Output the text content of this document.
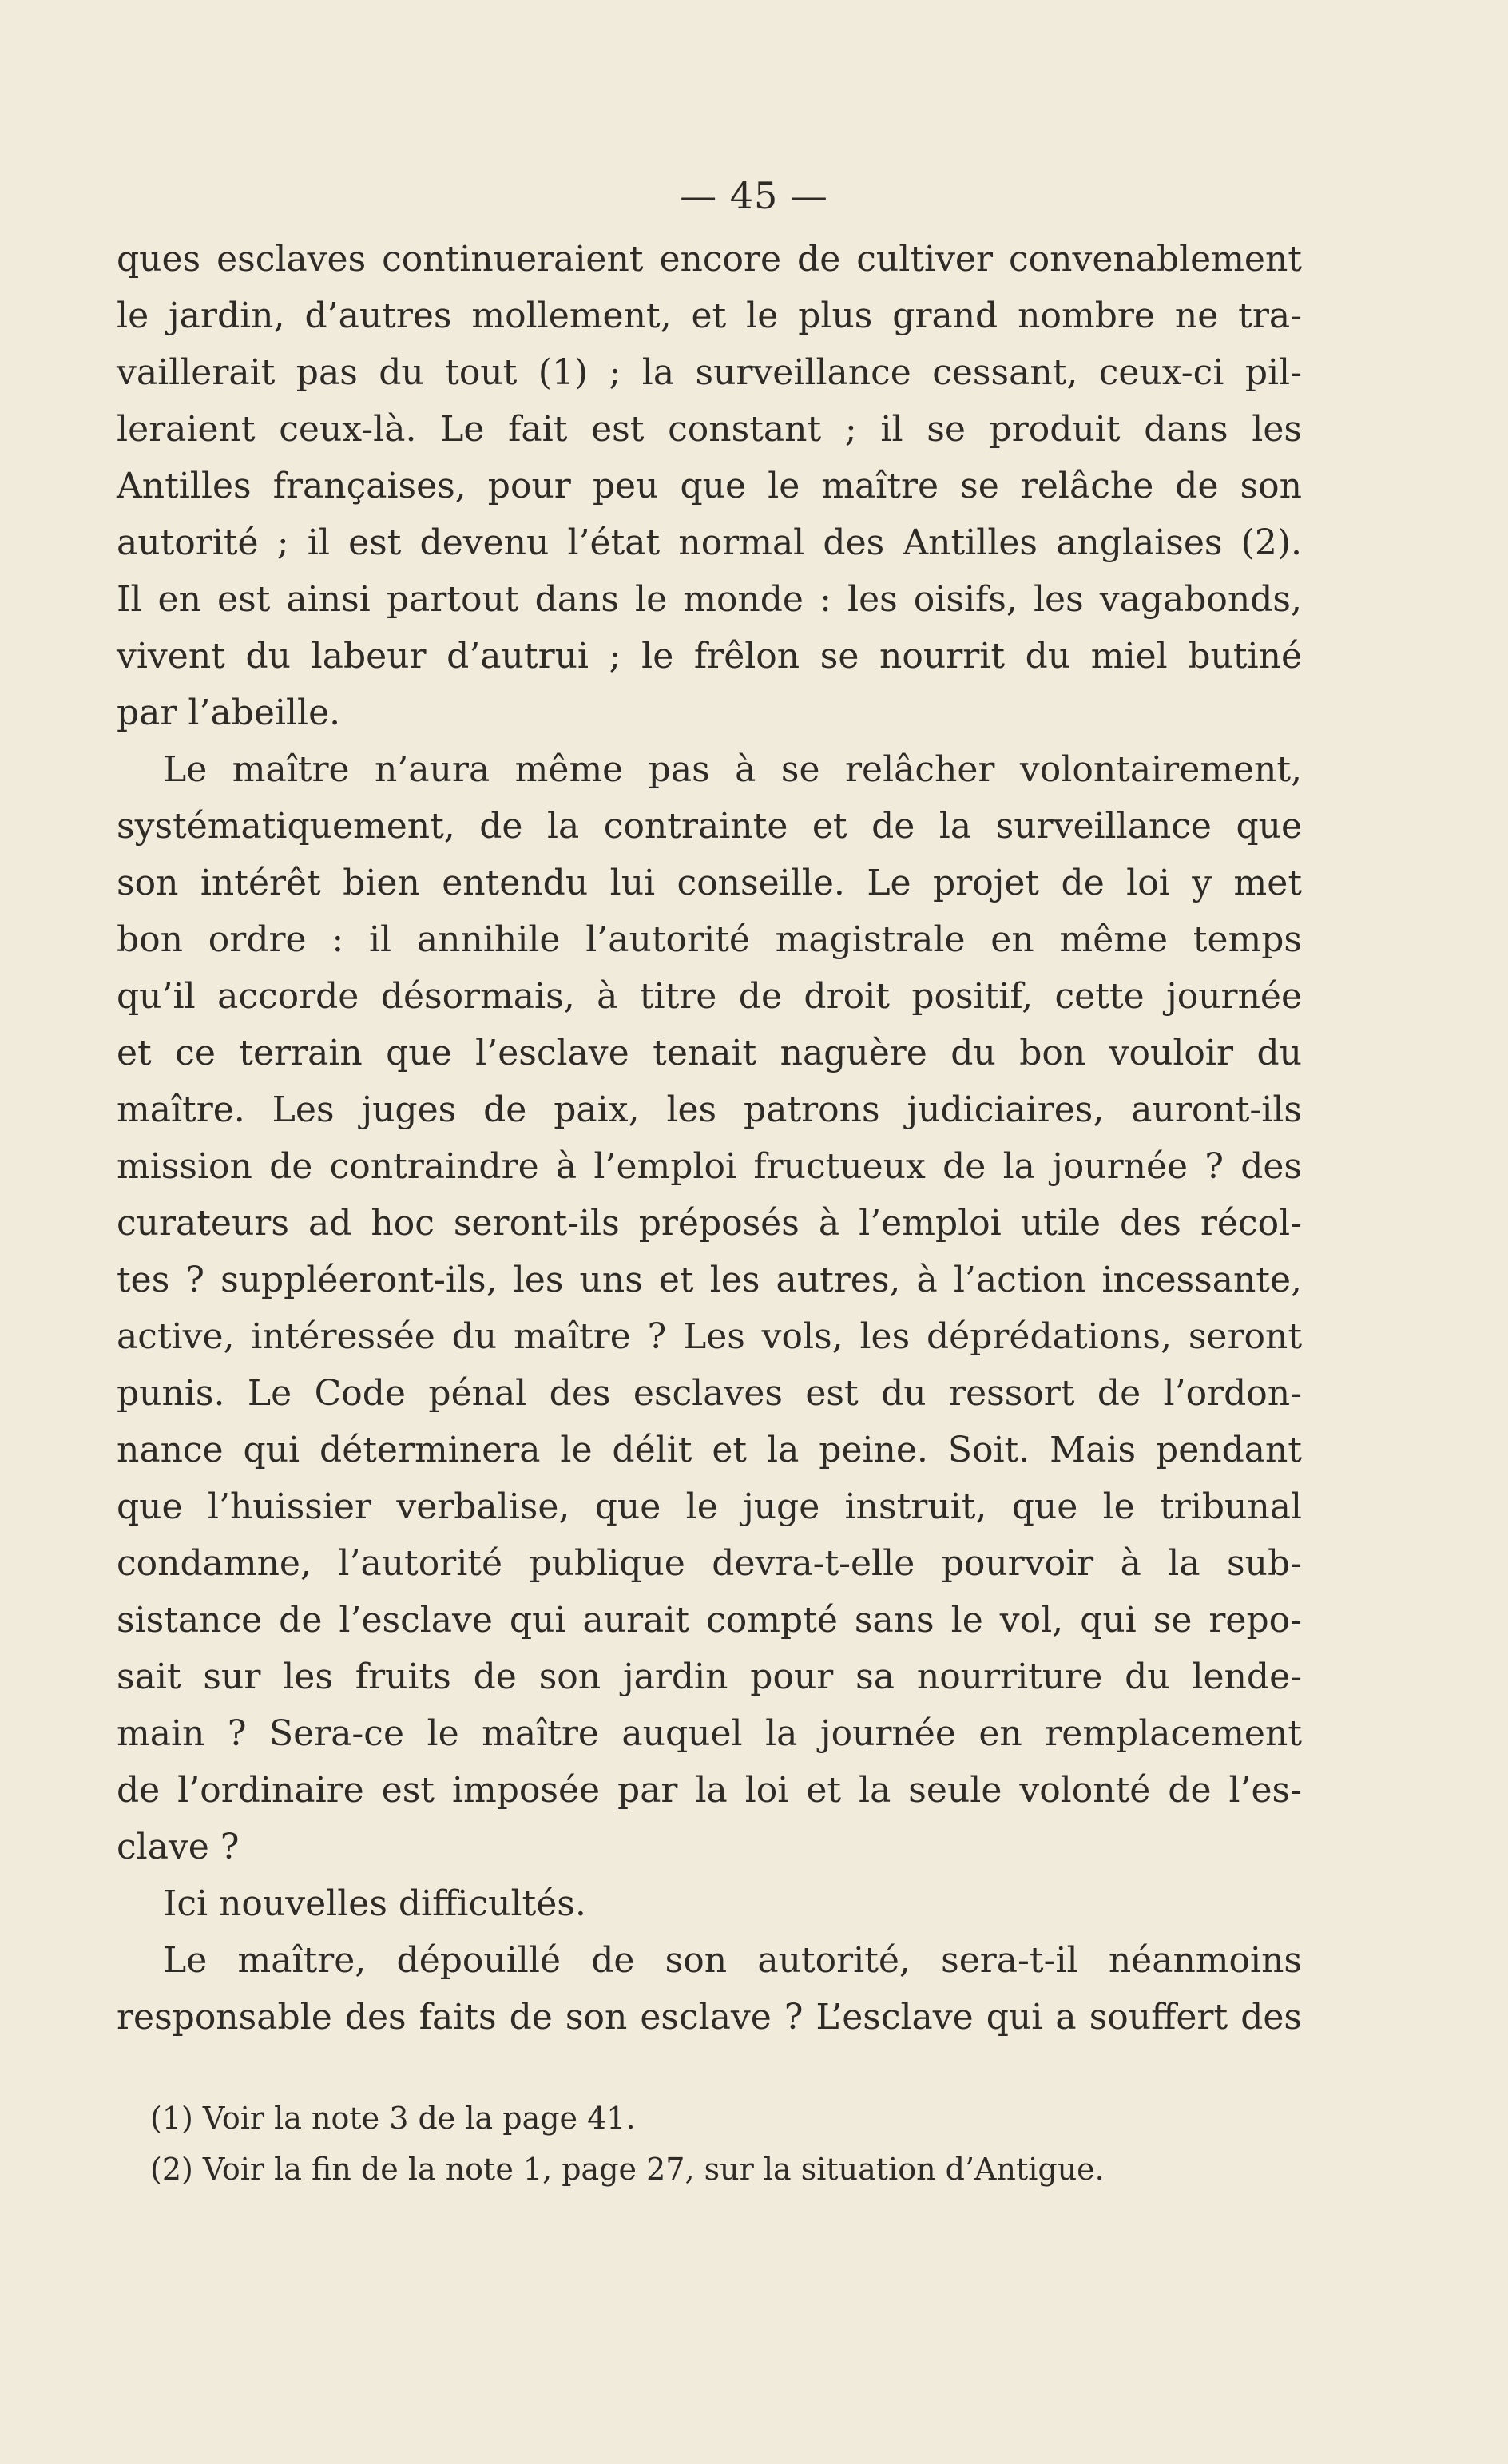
— 45 —
ques esclaves continueraient encore de cultiver convenablement
le jardin, d’autres mollement, et le plus grand nombre ne tra-
vaillerait pas du tout (1) ; la surveillance cessant, ceux-ci pil-
leraient ceux-là. Le fait est constant ; il se produit dans les
Antilles françaises, pour peu que le maître se relâche de son
autorité ; il est devenu l’état normal des Antilles anglaises (2).
Il en est ainsi partout dans le monde : les oisifs, les vagabonds,
vivent du labeur d’autrui ; le frêlon se nourrit du miel butiné
par l’abeille.
Le maître n’aura même pas à se relâcher volontairement,
systématiquement, de la contrainte et de la surveillance que
son intérêt bien entendu lui conseille. Le projet de loi y met
bon ordre : il annihile l’autorité magistrale en même temps
qu’il accorde désormais, à titre de droit positif, cette journée
et ce terrain que l’esclave tenait naguère du bon vouloir du
maître. Les juges de paix, les patrons judiciaires, auront-ils
mission de contraindre à l’emploi fructueux de la journée ? des
curateurs ad hoc seront-ils préposés à l’emploi utile des récol-
tes ? suppléeront-ils, les uns et les autres, à l’action incessante,
active, intéressée du maître ? Les vols, les déprédations, seront
punis. Le Code pénal des esclaves est du ressort de l’ordon-
nance qui déterminera le délit et la peine. Soit. Mais pendant
que l’huissier verbalise, que le juge instruit, que le tribunal
condamne, l’autorité publique devra-t-elle pourvoir à la sub-
sistance de l’esclave qui aurait compté sans le vol, qui se repo-
sait sur les fruits de son jardin pour sa nourriture du lende-
main ? Sera-ce le maître auquel la journée en remplacement
de l’ordinaire est imposée par la loi et la seule volonté de l’es-
clave ?
Ici nouvelles difficultés.
Le maître, dépouillé de son autorité, sera-t-il néanmoins
responsable des faits de son esclave ? L’esclave qui a souffert des
(1) Voir la note 3 de la page 41.
(2) Voir la fin de la note 1, page 27, sur la situation d’Antigue.
